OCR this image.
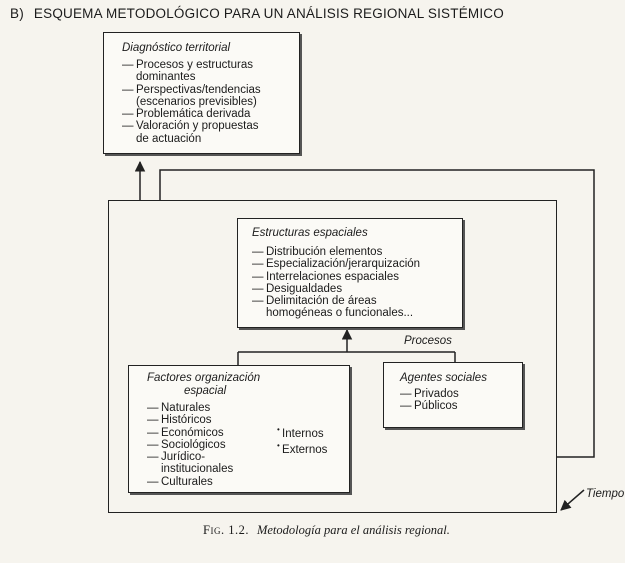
B) ESQUEMA METODOLÓGICO PARA UN ANÁLISIS REGIONAL SISTÉMICO
Diagnóstico territorial
— Procesos y estructuras
dominantes
— Perspectivas/tendencias
(escenarios previsibles)
— Problemática derivada
— Valoración y propuestas
de actuación
Estructuras espaciales
— Distribución elementos
— Especialización/jerarquización
— Interrelaciones espaciales
— Desigualdades
— Delimitación de áreas
homogéneas o funcionales...
Procesos
Factores organización
espacial
— Naturales
— Históricos
— Económicos
— Sociológicos
— Jurídico-
institucionales
— Culturales
• Internos
• Externos
Agentes sociales
— Privados
— Públicos
Tiempo
Fig. 1.2. Metodología para el análisis regional.
